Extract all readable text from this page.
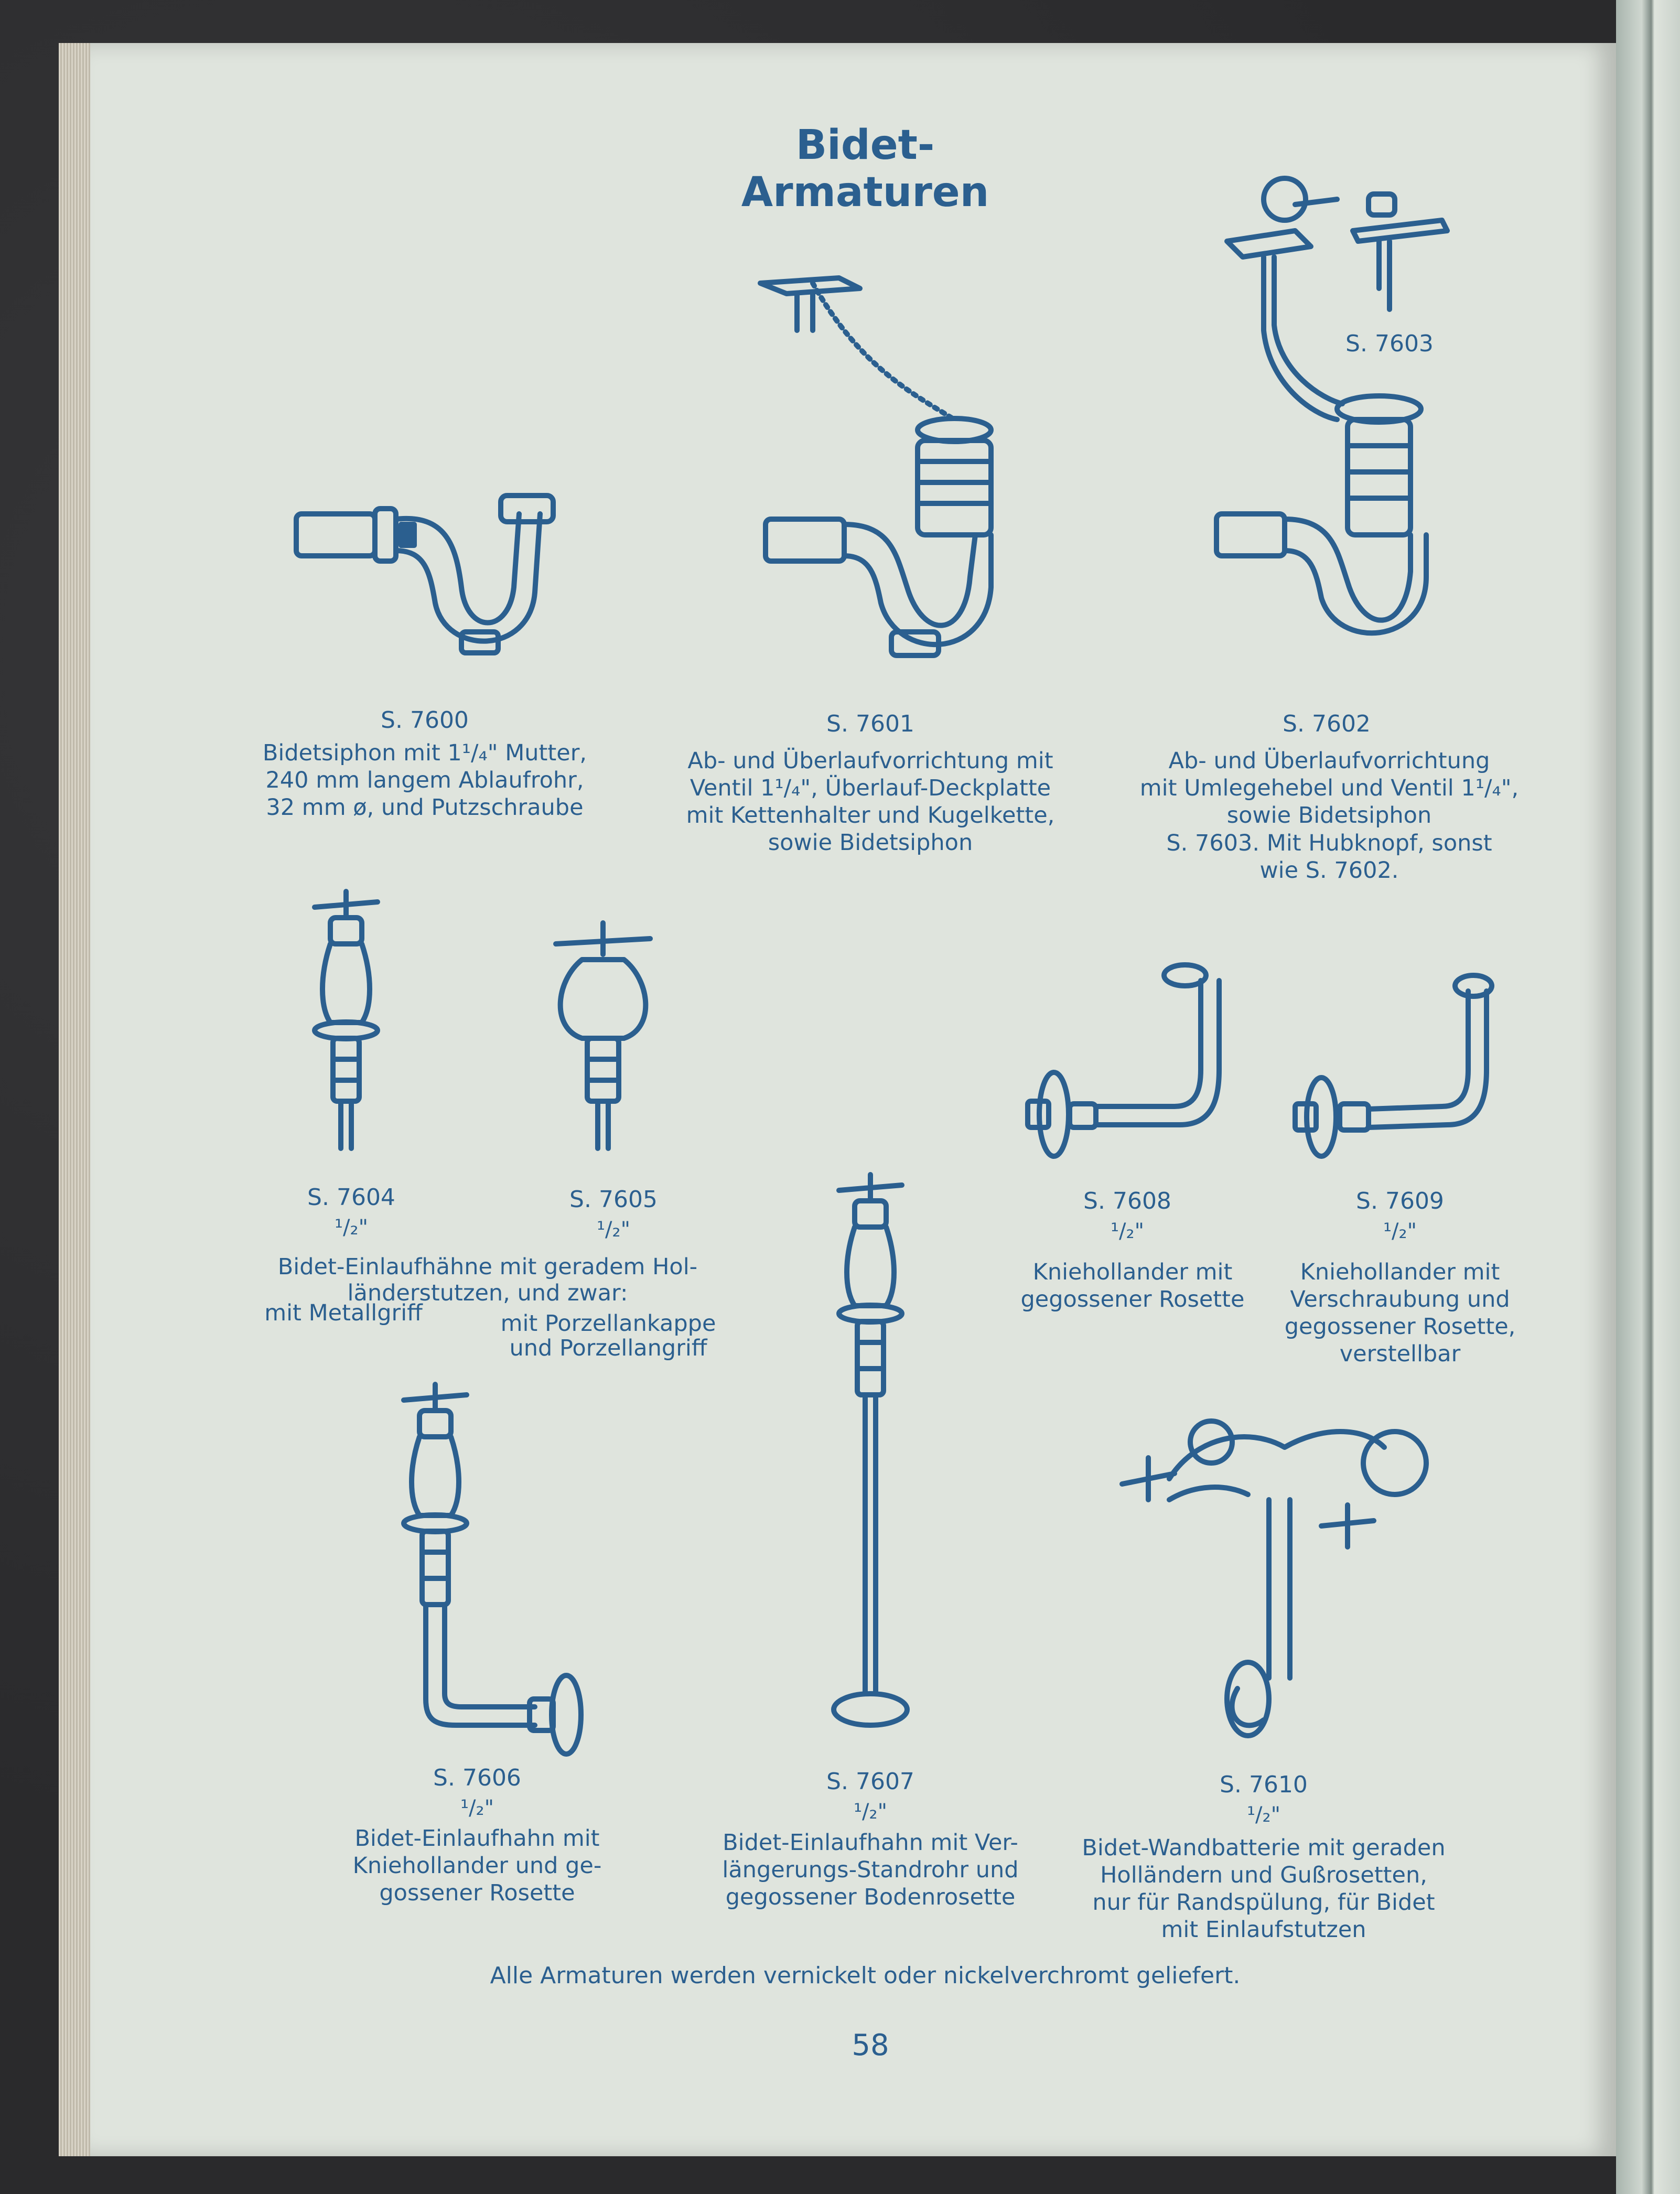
Bidet-Armaturen
S. 7603
S. 7600
Bidetsiphon mit 1¹/₄" Mutter,
240 mm langem Ablaufrohr,
32 mm ø, und Putzschraube
S. 7601
Ab- und Überlaufvorrichtung mit
Ventil 1¹/₄", Überlauf-Deckplatte
mit Kettenhalter und Kugelkette,
sowie Bidetsiphon
S. 7602
Ab- und Überlaufvorrichtung
mit Umlegehebel und Ventil 1¹/₄",
sowie Bidetsiphon
S. 7603. Mit Hubknopf, sonst
wie S. 7602.
S. 7604
¹/₂"
S. 7605
¹/₂"
Bidet-Einlaufhähne mit geradem Hol-
länderstutzen, und zwar:
mit Metallgriff	mit Porzellankappe
und Porzellangriff
S. 7608
¹/₂"
Kniehollander mit
gegossener Rosette
S. 7609
¹/₂"
Kniehollander mit
Verschraubung und
gegossener Rosette,
verstellbar
S. 7606
¹/₂"
Bidet-Einlaufhahn mit
Kniehollander und ge-
gossener Rosette
S. 7607
¹/₂"
Bidet-Einlaufhahn mit Ver-
längerungs-Standrohr und
gegossener Bodenrosette
S. 7610
¹/₂"
Bidet-Wandbatterie mit geraden
Holländern und Gußrosetten,
nur für Randspülung, für Bidet
mit Einlaufstutzen
Alle Armaturen werden vernickelt oder nickelverchromt geliefert.
58
